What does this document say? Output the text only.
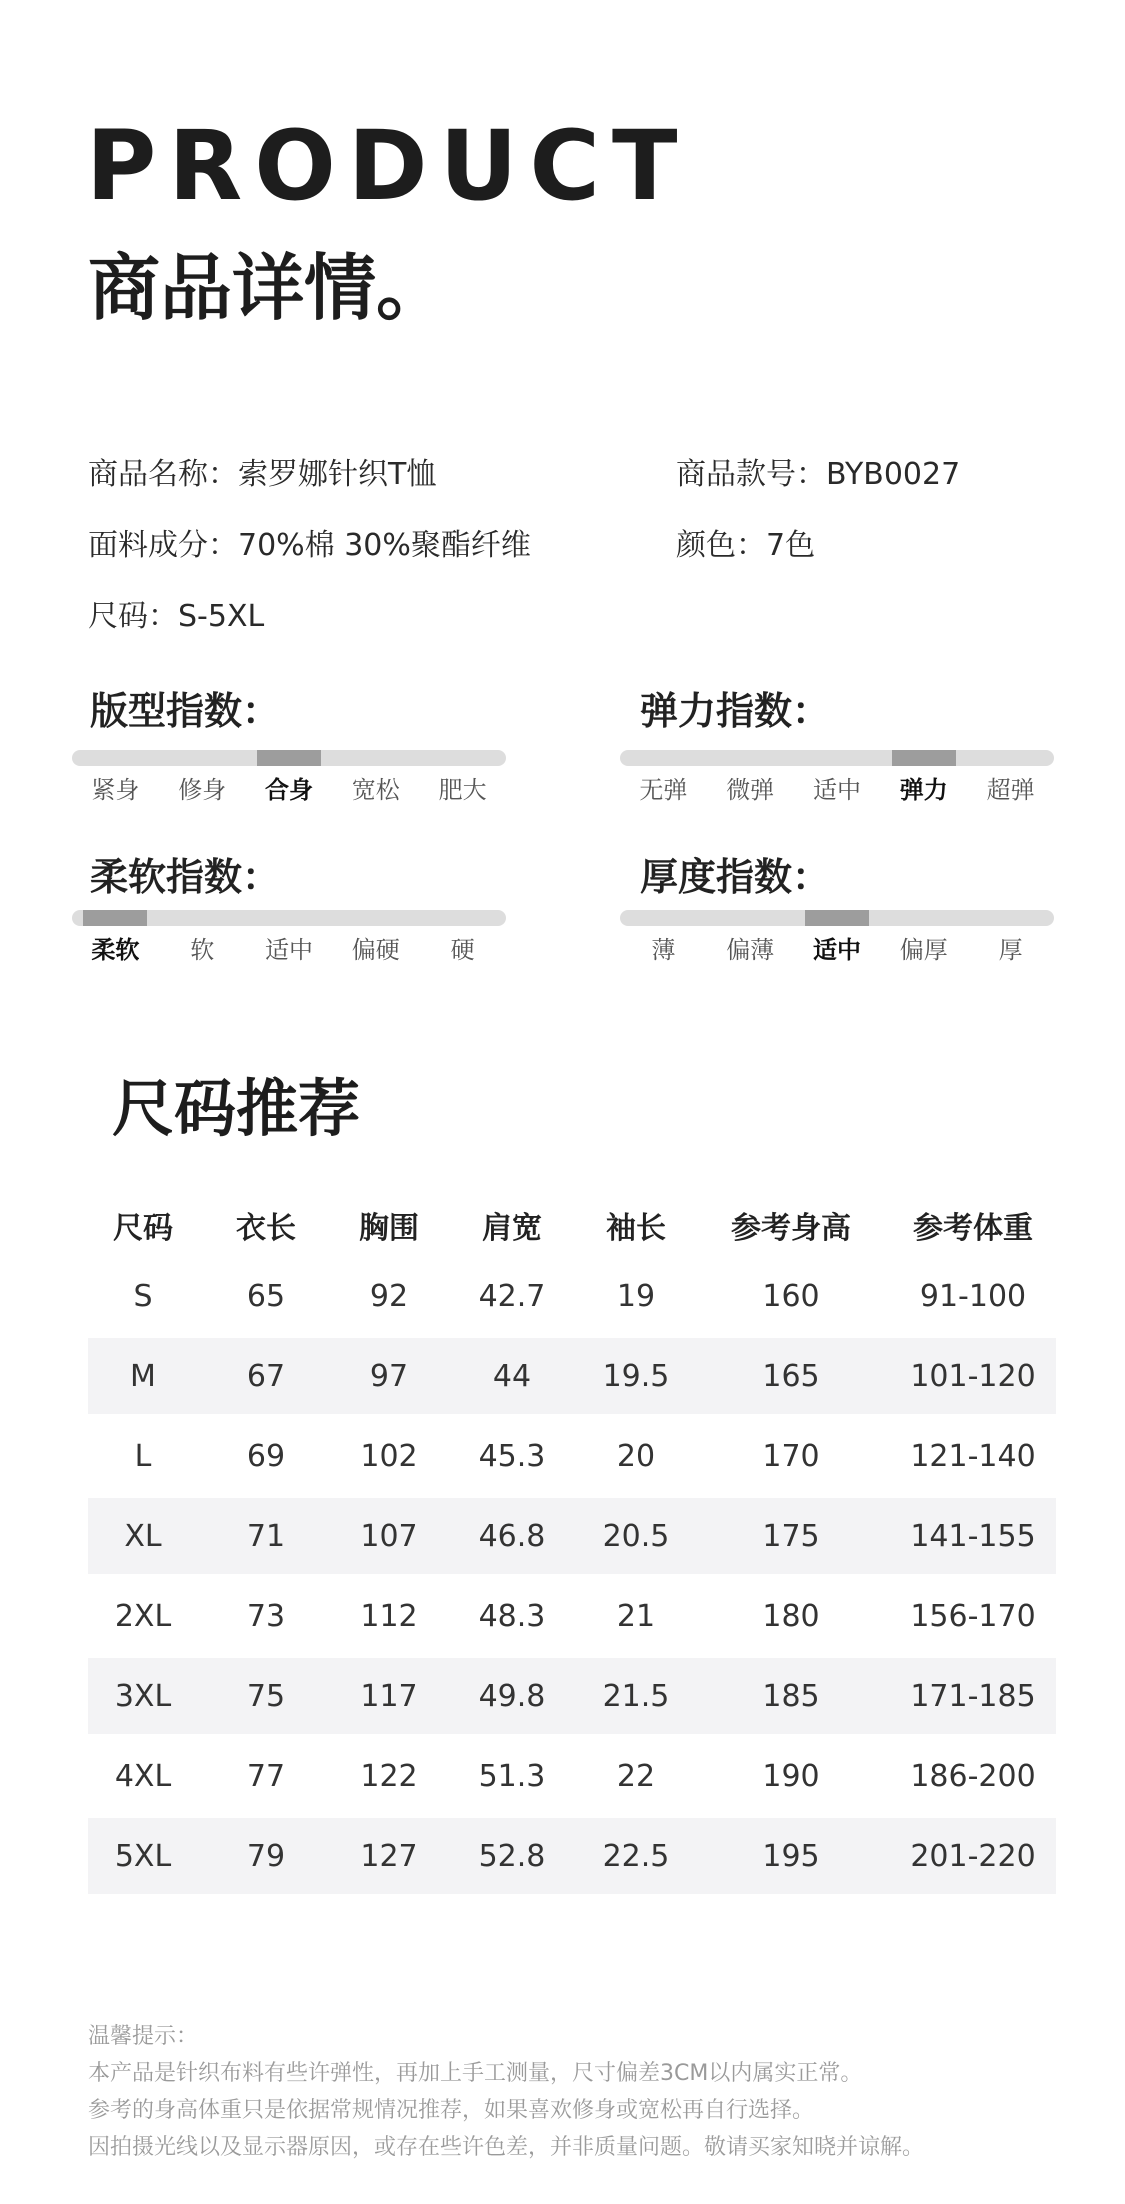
PRODUCT
商品详情。
商品名称：索罗娜针织T恤	商品款号：BYB0027
面料成分：70%棉 30%聚酯纤维	颜色：7色
尺码：S-5XL
版型指数：
紧身	修身	合身	宽松	肥大
弹力指数：
无弹	微弹	适中	弹力	超弹
柔软指数：
柔软	软	适中	偏硬	硬
厚度指数：
薄	偏薄	适中	偏厚	厚
尺码推荐
尺码	衣长	胸围	肩宽	袖长	参考身高	参考体重
S	65	92	42.7	19	160	91-100
M	67	97	44	19.5	165	101-120
L	69	102	45.3	20	170	121-140
XL	71	107	46.8	20.5	175	141-155
2XL	73	112	48.3	21	180	156-170
3XL	75	117	49.8	21.5	185	171-185
4XL	77	122	51.3	22	190	186-200
5XL	79	127	52.8	22.5	195	201-220
温馨提示：
本产品是针织布料有些许弹性，再加上手工测量，尺寸偏差3CM以内属实正常。
参考的身高体重只是依据常规情况推荐，如果喜欢修身或宽松再自行选择。
因拍摄光线以及显示器原因，或存在些许色差，并非质量问题。敬请买家知晓并谅解。
